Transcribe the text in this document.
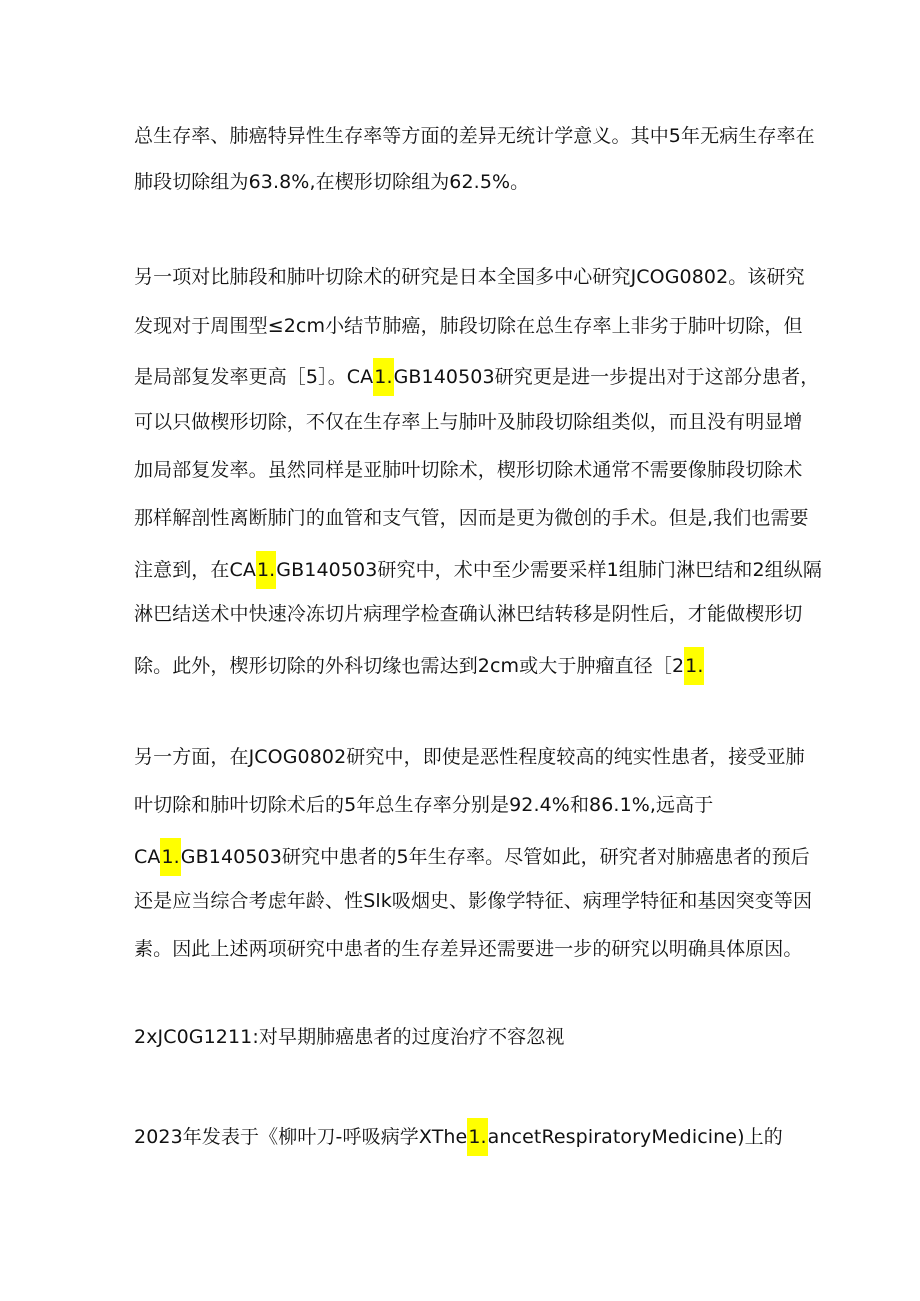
总生存率、肺癌特异性生存率等方面的差异无统计学意义。其中5年无病生存率在
肺段切除组为63.8%,在楔形切除组为62.5%。
另一项对比肺段和肺叶切除术的研究是日本全国多中心研究JCOG0802。该研究
发现对于周围型≤2cm小结节肺癌，肺段切除在总生存率上非劣于肺叶切除，但
是局部复发率更高［5］。CA1.GB140503研究更是进一步提出对于这部分患者，
可以只做楔形切除，不仅在生存率上与肺叶及肺段切除组类似，而且没有明显增
加局部复发率。虽然同样是亚肺叶切除术，楔形切除术通常不需要像肺段切除术
那样解剖性离断肺门的血管和支气管，因而是更为微创的手术。但是,我们也需要
注意到，在CA1.GB140503研究中，术中至少需要采样1组肺门淋巴结和2组纵隔
淋巴结送术中快速冷冻切片病理学检查确认淋巴结转移是阴性后，才能做楔形切
除。此外，楔形切除的外科切缘也需达到2cm或大于肿瘤直径［21.
另一方面，在JCOG0802研究中，即使是恶性程度较高的纯实性患者，接受亚肺
叶切除和肺叶切除术后的5年总生存率分别是92.4%和86.1%,远高于
CA1.GB140503研究中患者的5年生存率。尽管如此，研究者对肺癌患者的预后
还是应当综合考虑年龄、性Slk吸烟史、影像学特征、病理学特征和基因突变等因
素。因此上述两项研究中患者的生存差异还需要进一步的研究以明确具体原因。
2xJC0G1211:对早期肺癌患者的过度治疗不容忽视
2023年发表于《柳叶刀-呼吸病学XThe1.ancetRespiratoryMedicine)上的
